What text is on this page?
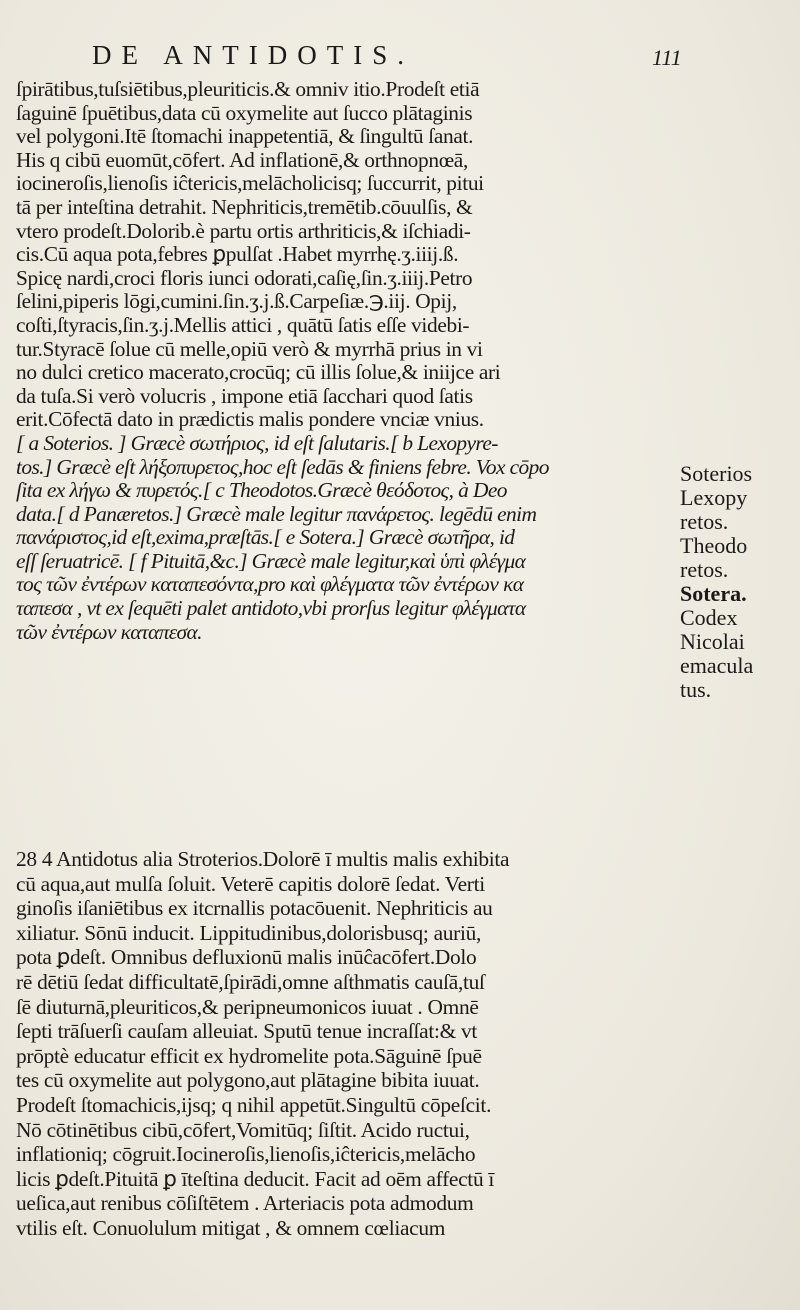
DE ANTIDOTIS.	111
ſpirātibus,tuſsiētibus,pleuriticis.& omniv itio.Prodeſt etiā
ſaguinē ſpuētibus,data cū oxymelite aut ſucco plātaginis
vel polygoni.Itē ſtomachi inappetentiā, & ſingultū ſanat.
His q cibū euomūt,cōfert. Ad inflationē,& orthnopnœā,
iocineroſis,lienoſis iĉtericis,melācholicisq; ſuccurrit, pitui
tā per inteſtina detrahit. Nephriticis,tremētib.cōuulſis, &
vtero prodeſt.Dolorib.è partu ortis arthriticis,& iſchiadi-
cis.Cū aqua pota,febres ꝑpulſat .Habet myrrhę.ʒ.iiij.ß.
Spicę nardi,croci floris iunci odorati,caſię,ſin.ʒ.iiij.Petro
ſelini,piperis lōgi,cumini.ſin.ʒ.j.ß.Carpeſiæ.℈.iij. Opij,
coſti,ſtyracis,ſin.ʒ.j.Mellis attici , quātū ſatis eſſe videbi-
tur.Styracē ſolue cū melle,opiū verò & myrrhā prius in vi
no dulci cretico macerato,crocūq; cū illis ſolue,& iniijce ari
da tuſa.Si verò volucris , impone etiā ſacchari quod ſatis
erit.Cōfectā dato in prædictis malis pondere vnciæ vnius.
[ a Soterios. ] Græcè σωτήριος, id eſt ſalutaris.[ b Lexopyre-
tos.] Græcè eſt λήξοπυρετος,hoc eſt ſedās & finiens febre. Vox cōpo
ſita ex λήγω & πυρετός.[ c Theodotos.Græcè θεόδοτος, à Deo
data.[ d Panæretos.] Græcè male legitur πανάρετος. legēdū enim
πανάριστος,id eſt,exima,præſtās.[ e Sotera.] Græcè σωτῆρα, id
eſſ ſeruatricē. [ f Pituitā,&c.] Græcè male legitur,καὶ ὑπὶ φλέγμα
τος τῶν ἐντέρων καταπεσόντα,pro καὶ φλέγματα τῶν ἐντέρων κα
ταπεσα , vt ex ſequēti palet antidoto,vbi prorſus legitur φλέγματα
τῶν ἐντέρων καταπεσα.
28 4 Antidotus alia Stroterios.Dolorē ī multis malis exhibita
cū aqua,aut mulſa ſoluit. Veterē capitis dolorē ſedat. Verti
ginoſis iſaniētibus ex itcrnallis potacōuenit. Nephriticis au
xiliatur. Sōnū inducit. Lippitudinibus,dolorisbusq; auriū,
pota ꝑdeſt. Omnibus defluxionū malis inūĉacōfert.Dolo
rē dētiū ſedat difficultatē,ſpirādi,omne aſthmatis cauſā,tuſ
ſē diuturnā,pleuriticos,& peripneumonicos iuuat . Omnē
ſepti trāſuerſi cauſam alleuiat. Sputū tenue incraſſat:& vt
prōptè educatur efficit ex hydromelite pota.Sāguinē ſpuē
tes cū oxymelite aut polygono,aut plātagine bibita iuuat.
Prodeſt ſtomachicis,ijsq; q nihil appetūt.Singultū cōpeſcit.
Nō cōtinētibus cibū,cōfert,Vomitūq; ſiſtit. Acido ructui,
inflationiq; cōgruit.Iocineroſis,lienoſis,iĉtericis,melācho
licis ꝑdeſt.Pituitā ꝑ īteſtina deducit. Facit ad oēm affectū ī
ueſica,aut renibus cōſiſtētem . Arteriacis pota admodum
vtilis eſt. Conuolulum mitigat , & omnem cœliacum
Soterios
Lexopy
retos.
Theodo
retos.
Sotera.
Codex
Nicolai
emacula
tus.
